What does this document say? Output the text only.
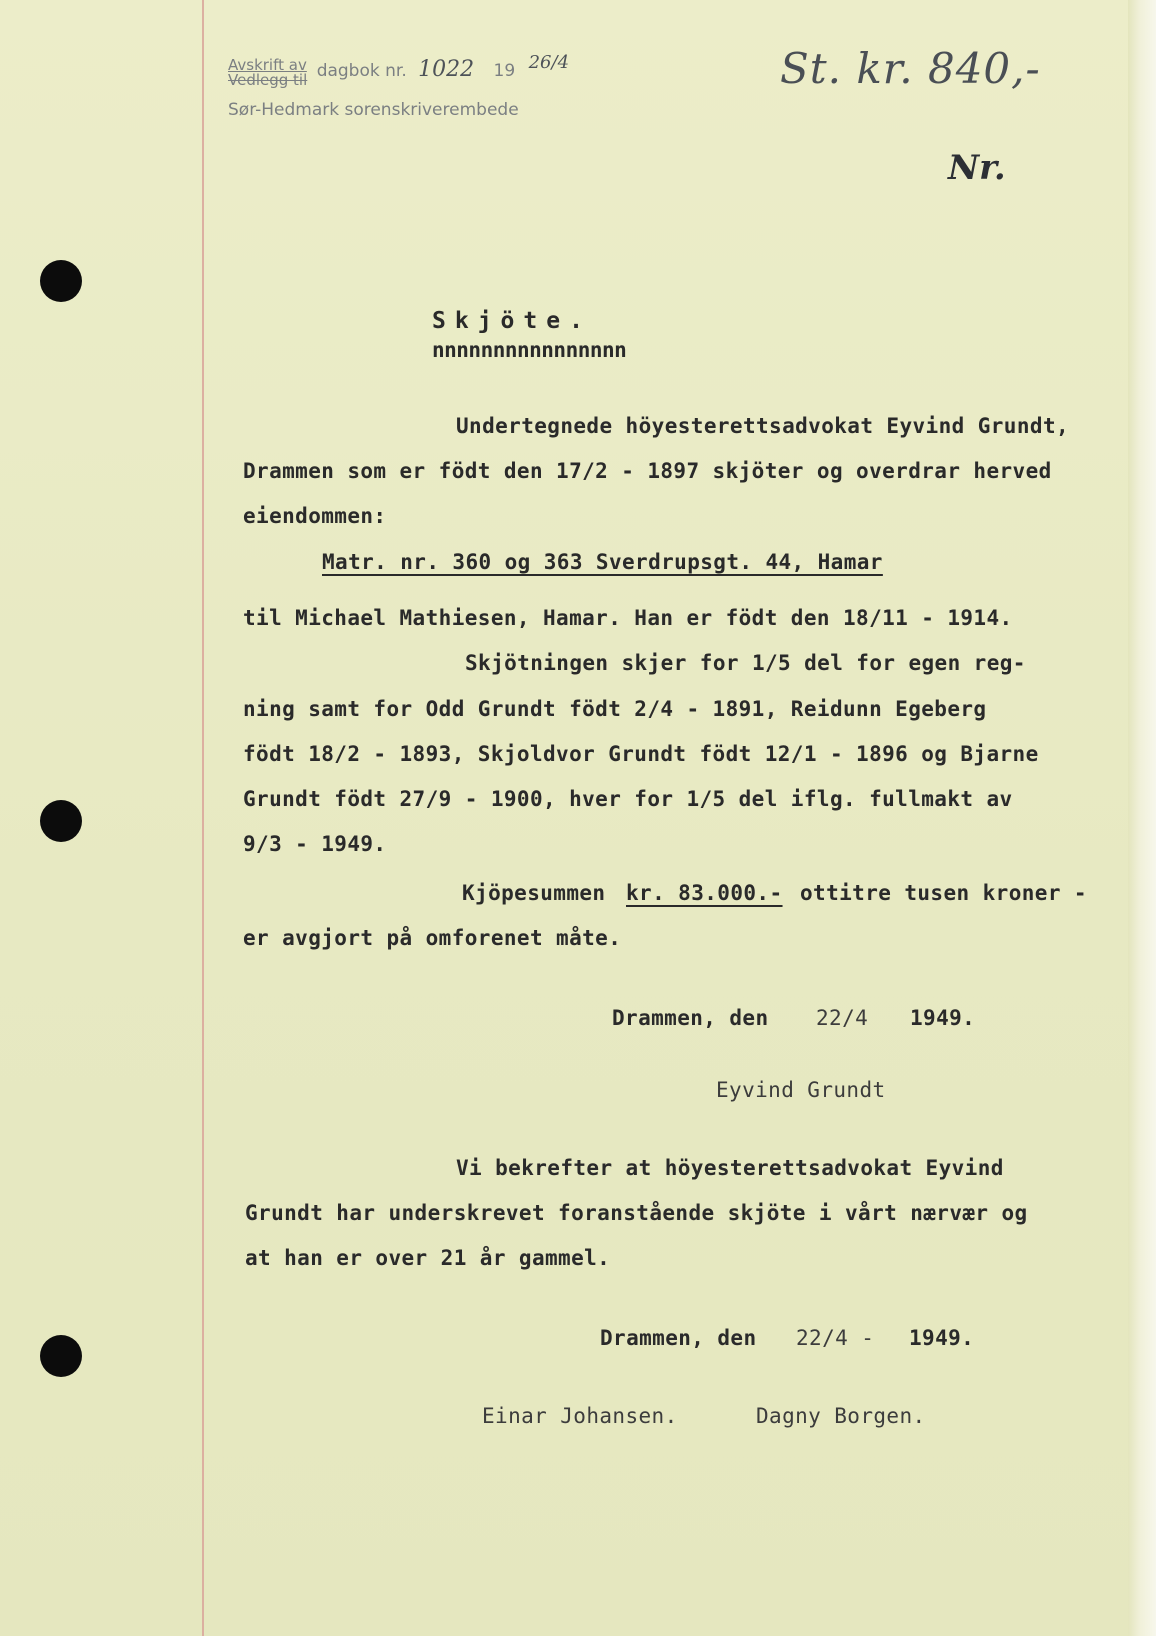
Avskrift av
Vedlegg til dagbok nr. 1022 19 26/4
Sør-Hedmark sorenskriverembede
St. kr. 840,-
Nr.
Skjöte.
nnnnnnnnnnnnnnnn
Undertegnede höyesterettsadvokat Eyvind Grundt,
Drammen som er födt den 17/2 - 1897 skjöter og overdrar herved
eiendommen:
Matr. nr. 360 og 363 Sverdrupsgt. 44, Hamar
til Michael Mathiesen, Hamar. Han er födt den 18/11 - 1914.
Skjötningen skjer for 1/5 del for egen reg-
ning samt for Odd Grundt födt 2/4 - 1891, Reidunn Egeberg
födt 18/2 - 1893, Skjoldvor Grundt födt 12/1 - 1896 og Bjarne
Grundt födt 27/9 - 1900, hver for 1/5 del iflg. fullmakt av
9/3 - 1949.
Kjöpesummen kr. 83.000.- ottitre tusen kroner -
er avgjort på omforenet måte.
Drammen, den 22/4 1949.
Eyvind Grundt
Vi bekrefter at höyesterettsadvokat Eyvind
Grundt har underskrevet foranstående skjöte i vårt nærvær og
at han er over 21 år gammel.
Drammen, den 22/4 - 1949.
Einar Johansen.	Dagny Borgen.
